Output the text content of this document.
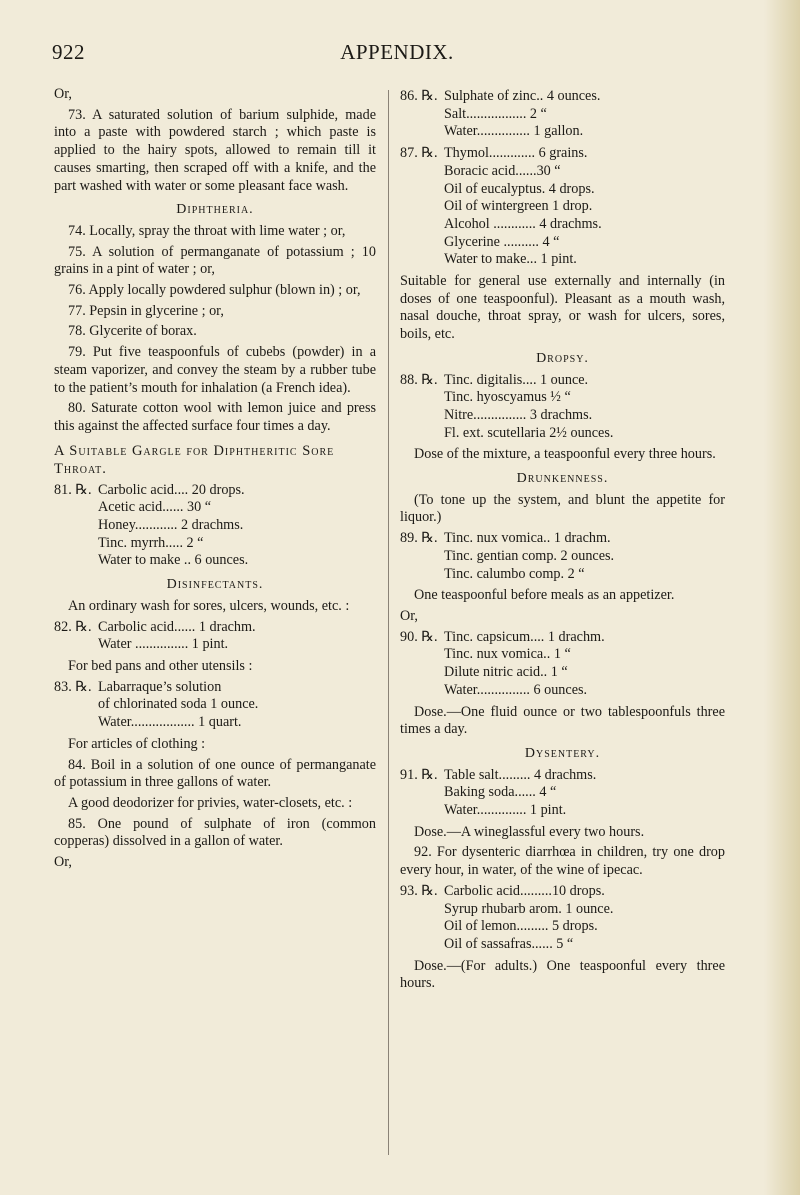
922	APPENDIX.
Or,
73. A saturated solution of barium sulphide, made into a paste with powdered starch ; which paste is applied to the hairy spots, allowed to remain till it causes smarting, then scraped off with a knife, and the part washed with water or some pleasant face wash.
Diphtheria.
74. Locally, spray the throat with lime water ; or,
75. A solution of permanganate of potassium ; 10 grains in a pint of water ; or,
76. Apply locally powdered sulphur (blown in) ; or,
77. Pepsin in glycerine ; or,
78. Glycerite of borax.
79. Put five teaspoonfuls of cubebs (powder) in a steam vaporizer, and convey the steam by a rubber tube to the patient’s mouth for inhalation (a French idea).
80. Saturate cotton wool with lemon juice and press this against the affected surface four times a day.
A Suitable Gargle for Diphtheritic Sore Throat.
81. ℞. Carbolic acid.... 20 drops.
Acetic acid...... 30 “
Honey............ 2 drachms.
Tinc. myrrh..... 2 “
Water to make .. 6 ounces.
Disinfectants.
An ordinary wash for sores, ulcers, wounds, etc. :
82. ℞. Carbolic acid...... 1 drachm.
Water ............... 1 pint.
For bed pans and other utensils :
83. ℞. Labarraque’s solution
of chlorinated soda 1 ounce.
Water.................. 1 quart.
For articles of clothing :
84. Boil in a solution of one ounce of permanganate of potassium in three gallons of water.
A good deodorizer for privies, water-closets, etc. :
85. One pound of sulphate of iron (common copperas) dissolved in a gallon of water.
Or,
86. ℞. Sulphate of zinc.. 4 ounces.
Salt................. 2 “
Water............... 1 gallon.
87. ℞. Thymol............. 6 grains.
Boracic acid......30 “
Oil of eucalyptus. 4 drops.
Oil of wintergreen 1 drop.
Alcohol ............ 4 drachms.
Glycerine .......... 4 “
Water to make... 1 pint.
Suitable for general use externally and internally (in doses of one teaspoonful). Pleasant as a mouth wash, nasal douche, throat spray, or wash for ulcers, sores, boils, etc.
Dropsy.
88. ℞. Tinc. digitalis.... 1 ounce.
Tinc. hyoscyamus ½ “
Nitre............... 3 drachms.
Fl. ext. scutellaria 2½ ounces.
Dose of the mixture, a teaspoonful every three hours.
Drunkenness.
(To tone up the system, and blunt the appetite for liquor.)
89. ℞. Tinc. nux vomica.. 1 drachm.
Tinc. gentian comp. 2 ounces.
Tinc. calumbo comp. 2 “
One teaspoonful before meals as an appetizer.
Or,
90. ℞. Tinc. capsicum.... 1 drachm.
Tinc. nux vomica.. 1 “
Dilute nitric acid.. 1 “
Water............... 6 ounces.
Dose.—One fluid ounce or two tablespoonfuls three times a day.
Dysentery.
91. ℞. Table salt......... 4 drachms.
Baking soda...... 4 “
Water.............. 1 pint.
Dose.—A wineglassful every two hours.
92. For dysenteric diarrhœa in children, try one drop every hour, in water, of the wine of ipecac.
93. ℞. Carbolic acid.........10 drops.
Syrup rhubarb arom. 1 ounce.
Oil of lemon......... 5 drops.
Oil of sassafras...... 5 “
Dose.—(For adults.) One teaspoonful every three hours.
